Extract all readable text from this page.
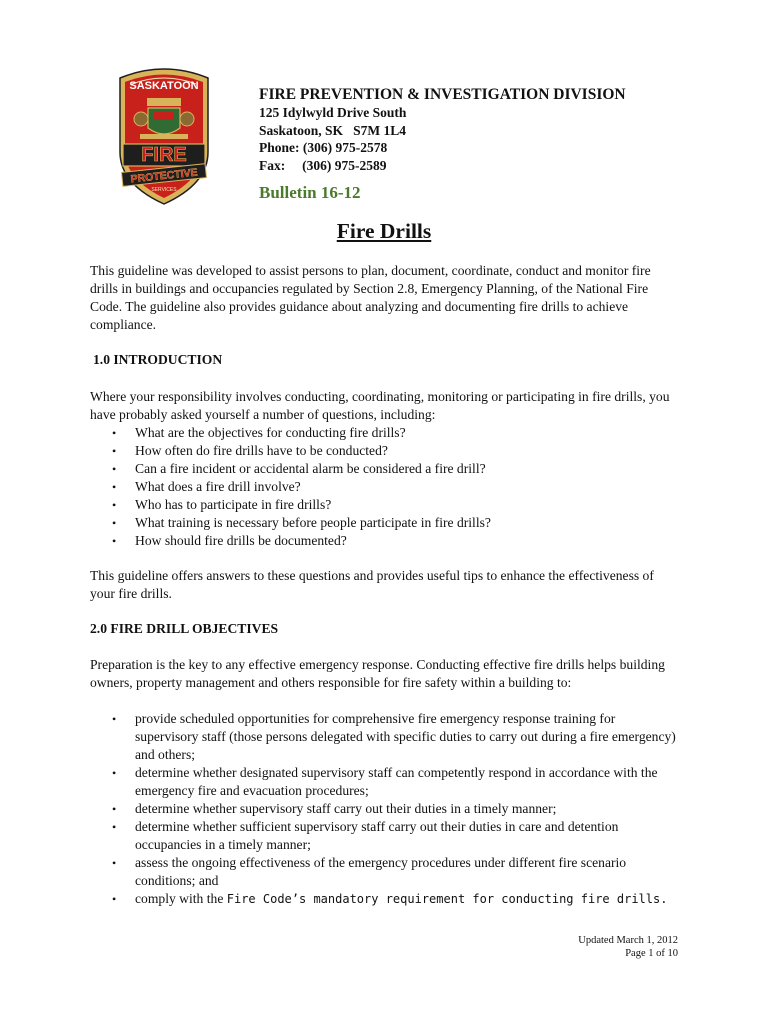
SASKATOON
FIRE
PROTECTIVE
SERVICES
FIRE PREVENTION & INVESTIGATION DIVISION
125 Idylwyld Drive South
Saskatoon, SK   S7M 1L4
Phone: (306) 975-2578
Fax:     (306) 975-2589
Bulletin 16-12
Fire Drills
This guideline was developed to assist persons to plan, document, coordinate, conduct and monitor fire drills in buildings and occupancies regulated by Section 2.8, Emergency Planning, of the National Fire Code. The guideline also provides guidance about analyzing and documenting fire drills to achieve compliance.
1.0 INTRODUCTION
Where your responsibility involves conducting, coordinating, monitoring or participating in fire drills, you have probably asked yourself a number of questions, including:
• What are the objectives for conducting fire drills?
• How often do fire drills have to be conducted?
• Can a fire incident or accidental alarm be considered a fire drill?
• What does a fire drill involve?
• Who has to participate in fire drills?
• What training is necessary before people participate in fire drills?
• How should fire drills be documented?
This guideline offers answers to these questions and provides useful tips to enhance the effectiveness of your fire drills.
2.0 FIRE DRILL OBJECTIVES
Preparation is the key to any effective emergency response. Conducting effective fire drills helps building owners, property management and others responsible for fire safety within a building to:
• provide scheduled opportunities for comprehensive fire emergency response training for supervisory staff (those persons delegated with specific duties to carry out during a fire emergency) and others;
• determine whether designated supervisory staff can competently respond in accordance with the emergency fire and evacuation procedures;
• determine whether supervisory staff carry out their duties in a timely manner;
• determine whether sufficient supervisory staff carry out their duties in care and detention occupancies in a timely manner;
• assess the ongoing effectiveness of the emergency procedures under different fire scenario conditions; and
• comply with the Fire Code’s mandatory requirement for conducting fire drills.
Updated March 1, 2012
Page 1 of 10
